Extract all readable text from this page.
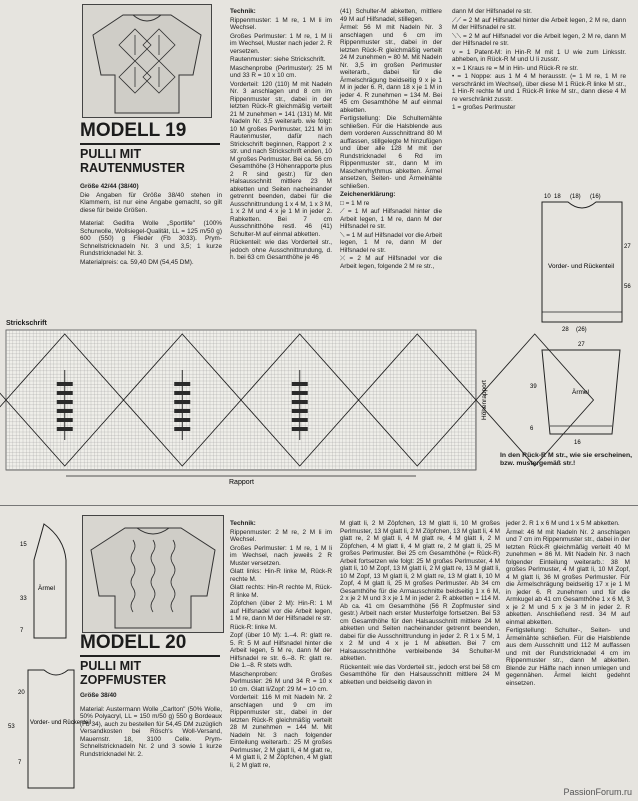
MODELL 19
PULLI MIT RAUTENMUSTER

Größe 42/44 (38/40)

Die Angaben für Größe 38/40 stehen in Klammern, ist nur eine Angabe gemacht, so gilt diese für beide Größen.

Material: Gedifra Wolle „Sportlife" (100% Schurwolle, Wollsiegel-Qualität, LL = 125 m/50 g) 600 (550) g Flieder (Fb 3033). Prym-Schnellstricknadeln Nr. 3 und 3,5; 1 kurze Rundstricknadel Nr. 3.

Materialpreis: ca. 59,40 DM (54,45 DM).

Technik:

Rippenmuster: 1 M re, 1 M li im Wechsel.

Großes Perlmuster: 1 M re, 1 M li im Wechsel, Muster nach jeder 2. R versetzen.

Rautenmuster: siehe Strickschrift.

Maschenprobe (Perlmuster): 25 M und 33 R = 10 x 10 cm.

Vorderteil: 120 (110) M mit Nadeln Nr. 3 anschlagen und 8 cm im Rippenmuster str., dabei in der letzten Rück-R gleichmäßig verteilt 21 M zunehmen = 141 (131) M. Mit Nadeln Nr. 3,5 weiterarb. wie folgt: 10 M großes Perlmuster, 121 M im Rautenmuster, dafür nach Strickschrift beginnen, Rapport 2 x str. und nach Strickschrift enden, 10 M großes Perlmuster. Bei ca. 56 cm Gesamthöhe (3 Höhenrapporte plus 2 R sind gestr.) für den Halsausschnitt mittlere 23 M abketten und Seiten nacheinander getrennt beenden, dabei für die Ausschnittrundung 1 x 4 M, 1 x 3 M, 1 x 2 M und 4 x je 1 M in jeder 2. Rabketten. Bei 7 cm Ausschnitthöhe restl. 46 (41) Schulter-M auf einmal abketten.

Rückenteil: wie das Vorderteil str., jedoch ohne Ausschnittrundung, d. h. bei 63 cm Gesamthöhe je 46

(41) Schulter-M abketten, mittlere 49 M auf Hilfsnadel, stillegen.

Ärmel: 56 M mit Nadeln Nr. 3 anschlagen und 6 cm im Rippenmuster str., dabei in der letzten Rück-R gleichmäßig verteilt 24 M zunehmen = 80 M. Mit Nadeln Nr. 3,5 im großen Perlmuster weiterarb., dabei für die Ärmelschrägung beidseitig 9 x je 1 M in jeder 6. R, dann 18 x je 1 M in jeder 4. R zunehmen = 134 M. Bei 45 cm Gesamthöhe M auf einmal abketten.

Fertigstellung: Die Schulternähte schließen. Für die Halsblende aus dem vorderen Ausschnittrand 80 M auffassen, stillgelegte M hinzufügen und über alle 128 M mit der Rundstricknadel 6 Rd im Rippenmuster str., dann M im Maschenrhythmus abketten. Ärmel ansetzen, Seiten- und Ärmelnähte schließen.

Zeichenerklärung:

□ = 1 M re

⟋ = 1 M auf Hilfsnadel hinter die Arbeit legen, 1 M re, dann M der Hilfsnadel re str.

⟍ = 1 M auf Hilfsnadel vor die Arbeit legen, 1 M re, dann M der Hilfsnadel re str.

⤫ = 2 M auf Hilfsnadel vor die Arbeit legen, folgende 2 M re str.,

dann M der Hilfsnadel re str.

⟋⟋ = 2 M auf Hilfsnadel hinter die Arbeit legen, 2 M re, dann M der Hilfsnadel re str.

⟍⟍ = 2 M auf Hilfsnadel vor die Arbeit legen, 2 M re, dann M der Hilfsnadel re str.

v = 1 Patent-M: in Hin-R M mit 1 U wie zum Linksstr. abheben, in Rück-R M und U li zusstr.

x = 1 Kraus re = M in Hin- und Rück-R re str.

• = 1 Noppe: aus 1 M 4 M herausstr. (= 1 M re, 1 M re verschränkt im Wechsel), über diese M 1 Rück-R linke M str., 1 Hin-R rechte M und 1 Rück-R linke M str., dann diese 4 M re verschränkt zusstr.

1 = großes Perlmuster

Vorder- und Rückenteil
10 18 (18) (16)
27
56
28 (26)
Ärmel
27
39
6
16
In den Rück-R M str., wie sie erscheinen, bzw. mustergemäß str.!
Strickschrift
Rapport
Höhenrapport
Ärmel
15
33
7
MODELL 20
PULLI MIT ZOPFMUSTER
Vorder- und Rückenteil
20
53
7

Größe 38/40

Material: Austermann Wolle „Carlton" (50% Wolle, 50% Polyacryl, LL = 150 m/50 g) 550 g Bordeaux (Fb 34), auch zu bestellen für 54,45 DM zuzüglich Versandkosten bei Rösch's Woll-Versand, Mauernstr. 18, 3100 Celle. Prym-Schnellstricknadeln Nr. 2 und 3 sowie 1 kurze Rundstricknadel Nr. 2.

Technik:

Rippenmuster: 2 M re, 2 M li im Wechsel.

Großes Perlmuster: 1 M re, 1 M li im Wechsel, nach jeweils 2 R Muster versetzen.

Glatt links: Hin-R linke M, Rück-R rechte M.

Glatt rechts: Hin-R rechte M, Rück-R linke M.

Zöpfchen (über 2 M): Hin-R: 1 M auf Hilfsnadel vor die Arbeit legen, 1 M re, dann M der Hilfsnadel re str.

Rück-R: linke M.

Zopf (über 10 M): 1.–4. R: glatt re. 5. R: 5 M auf Hilfsnadel hinter die Arbeit legen, 5 M re, dann M der Hilfsnadel re str. 6.–8. R: glatt re. Die 1.–8. R stets wdh.

Maschenproben: Großes Perlmuster: 26 M und 34 R = 10 x 10 cm. Glatt li/Zopf: 29 M = 10 cm.

Vorderteil: 116 M mit Nadeln Nr. 2 anschlagen und 9 cm im Rippenmuster str., dabei in der letzten Rück-R gleichmäßig verteilt 28 M zunehmen = 144 M. Mit Nadeln Nr. 3 nach folgender Einteilung weiterarb.: 25 M großes Perlmuster, 2 M glatt li, 4 M glatt re, 4 M glatt li, 2 M Zöpfchen, 4 M glatt li, 2 M glatt re,

M glatt li, 2 M Zöpfchen, 13 M glatt li, 10 M großes Perlmuster, 13 M glatt li, 2 M Zöpfchen, 13 M glatt li, 4 M glatt re, 2 M glatt li, 4 M glatt re, 4 M glatt li, 2 M Zöpfchen, 4 M glatt li, 4 M glatt re, 2 M glatt li, 25 M großes Perlmuster. Bei 25 cm Gesamthöhe (= Rück-R) Arbeit fortsetzen wie folgt: 25 M großes Perlmuster, 4 M glatt li, 10 M Zopf, 13 M glatt li, 2 M glatt re, 13 M glatt li, 10 M Zopf, 13 M glatt li, 2 M glatt re, 13 M glatt li, 10 M Zopf, 4 M glatt li, 25 M großes Perlmuster. Ab 34 cm Gesamthöhe für die Armausschnitte beidseitig 1 x 6 M, 2 x je 2 M und 3 x je 1 M in jeder 2. R abketten = 114 M. Ab ca. 41 cm Gesamthöhe (56 R Zopfmuster sind gestr.) Arbeit nach erster Musterfolge fortsetzen. Bei 53 cm Gesamthöhe für den Halsausschnitt mittlere 24 M abketten und Seiten nacheinander getrennt beenden, dabei für die Ausschnittrundung in jeder 2. R 1 x 5 M, 1 x 2 M und 4 x je 1 M abketten. Bei 7 cm Halsausschnitthöhe verbleibende 34 Schulter-M abketten.

Rückenteil: wie das Vorderteil str., jedoch erst bei 58 cm Gesamthöhe für den Halsausschnitt mittlere 24 M abketten und beidseitig davon in

jeder 2. R 1 x 6 M und 1 x 5 M abketten.

Ärmel: 46 M mit Nadeln Nr. 2 anschlagen und 7 cm im Rippenmuster str., dabei in der letzten Rück-R gleichmäßig verteilt 40 M zunehmen = 86 M. Mit Nadeln Nr. 3 nach folgender Einteilung weiterarb.: 38 M großes Perlmuster, 4 M glatt li, 10 M Zopf, 4 M glatt li, 36 M großes Perlmuster. Für die Ärmelschrägung beidseitig 17 x je 1 M in jeder 6. R zunehmen und für die Armkugel ab 41 cm Gesamthöhe 1 x 6 M, 3 x je 2 M und 5 x je 3 M in jeder 2. R abketten. Anschließend restl. 34 M auf einmal abketten.

Fertigstellung: Schulter-, Seiten- und Ärmelnähte schließen. Für die Halsblende aus dem Ausschnitt und 112 M auffassen und mit der Rundstricknadel 4 cm im Rippenmuster str., dann M abketten. Blende zur Hälfte nach innen umlegen und gegennähen. Ärmel leicht gedehnt einsetzen.

PassionForum.ru
